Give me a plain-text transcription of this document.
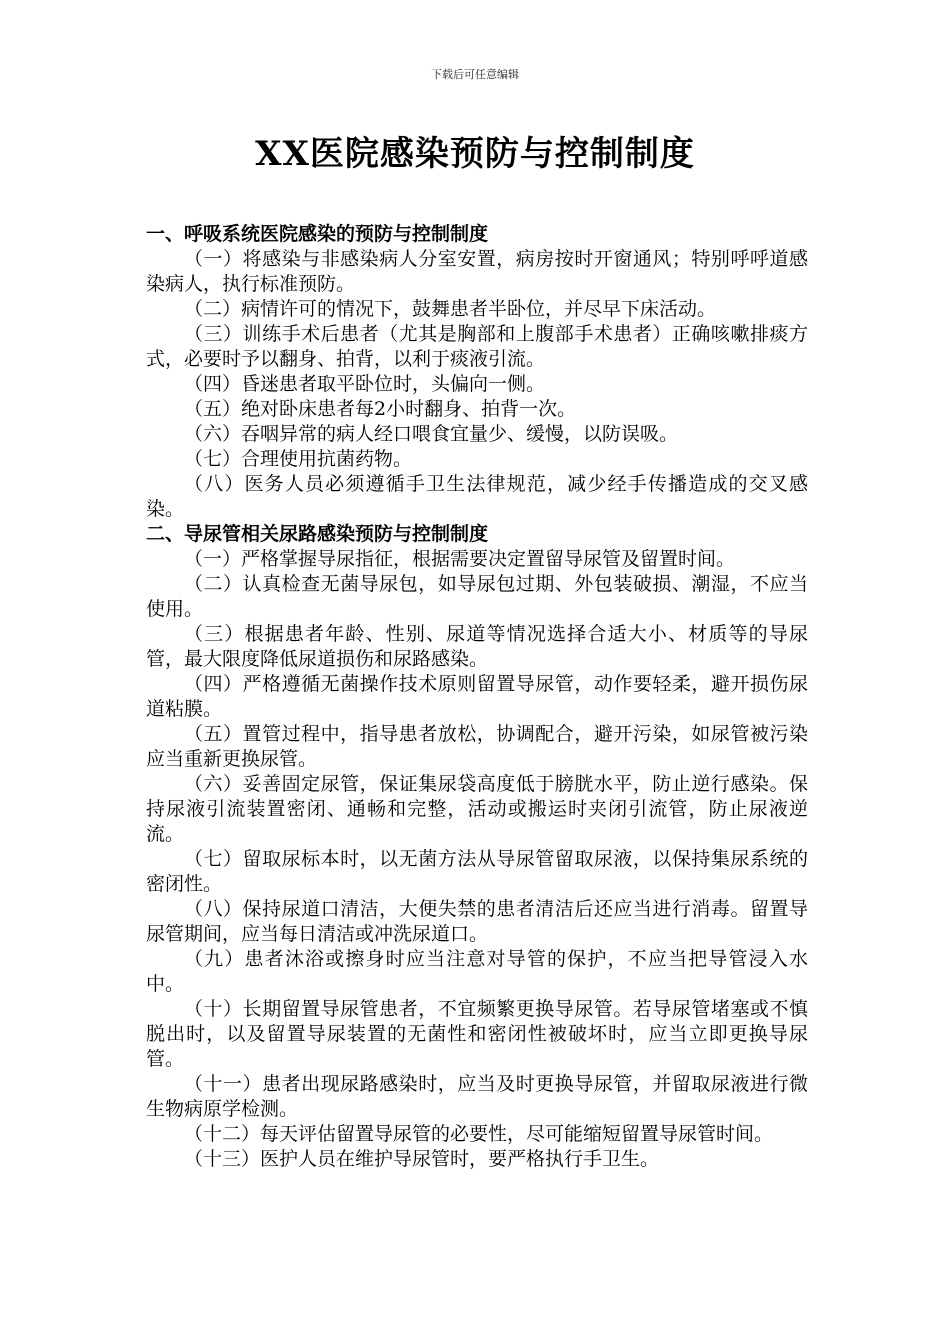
下载后可任意编辑
XX医院感染预防与控制制度

一、呼吸系统医院感染的预防与控制制度

（一）将感染与非感染病人分室安置，病房按时开窗通风；特别呼呼道感染病人，执行标准预防。

（二）病情许可的情况下，鼓舞患者半卧位，并尽早下床活动。

（三）训练手术后患者（尤其是胸部和上腹部手术患者）正确咳嗽排痰方式，必要时予以翻身、拍背，以利于痰液引流。

（四）昏迷患者取平卧位时，头偏向一侧。

（五）绝对卧床患者每2小时翻身、拍背一次。

（六）吞咽异常的病人经口喂食宜量少、缓慢，以防误吸。

（七）合理使用抗菌药物。

（八）医务人员必须遵循手卫生法律规范，减少经手传播造成的交叉感染。

二、导尿管相关尿路感染预防与控制制度

（一）严格掌握导尿指征，根据需要决定置留导尿管及留置时间。

（二）认真检查无菌导尿包，如导尿包过期、外包装破损、潮湿，不应当使用。

（三）根据患者年龄、性别、尿道等情况选择合适大小、材质等的导尿管，最大限度降低尿道损伤和尿路感染。

（四）严格遵循无菌操作技术原则留置导尿管，动作要轻柔，避开损伤尿道粘膜。

（五）置管过程中，指导患者放松，协调配合，避开污染，如尿管被污染应当重新更换尿管。

（六）妥善固定尿管，保证集尿袋高度低于膀胱水平，防止逆行感染。保持尿液引流装置密闭、通畅和完整，活动或搬运时夹闭引流管，防止尿液逆流。

（七）留取尿标本时，以无菌方法从导尿管留取尿液，以保持集尿系统的密闭性。

（八）保持尿道口清洁，大便失禁的患者清洁后还应当进行消毒。留置导尿管期间，应当每日清洁或冲洗尿道口。

（九）患者沐浴或擦身时应当注意对导管的保护，不应当把导管浸入水中。

（十）长期留置导尿管患者，不宜频繁更换导尿管。若导尿管堵塞或不慎脱出时，以及留置导尿装置的无菌性和密闭性被破坏时，应当立即更换导尿管。

（十一）患者出现尿路感染时，应当及时更换导尿管，并留取尿液进行微生物病原学检测。

（十二）每天评估留置导尿管的必要性，尽可能缩短留置导尿管时间。

（十三）医护人员在维护导尿管时，要严格执行手卫生。
